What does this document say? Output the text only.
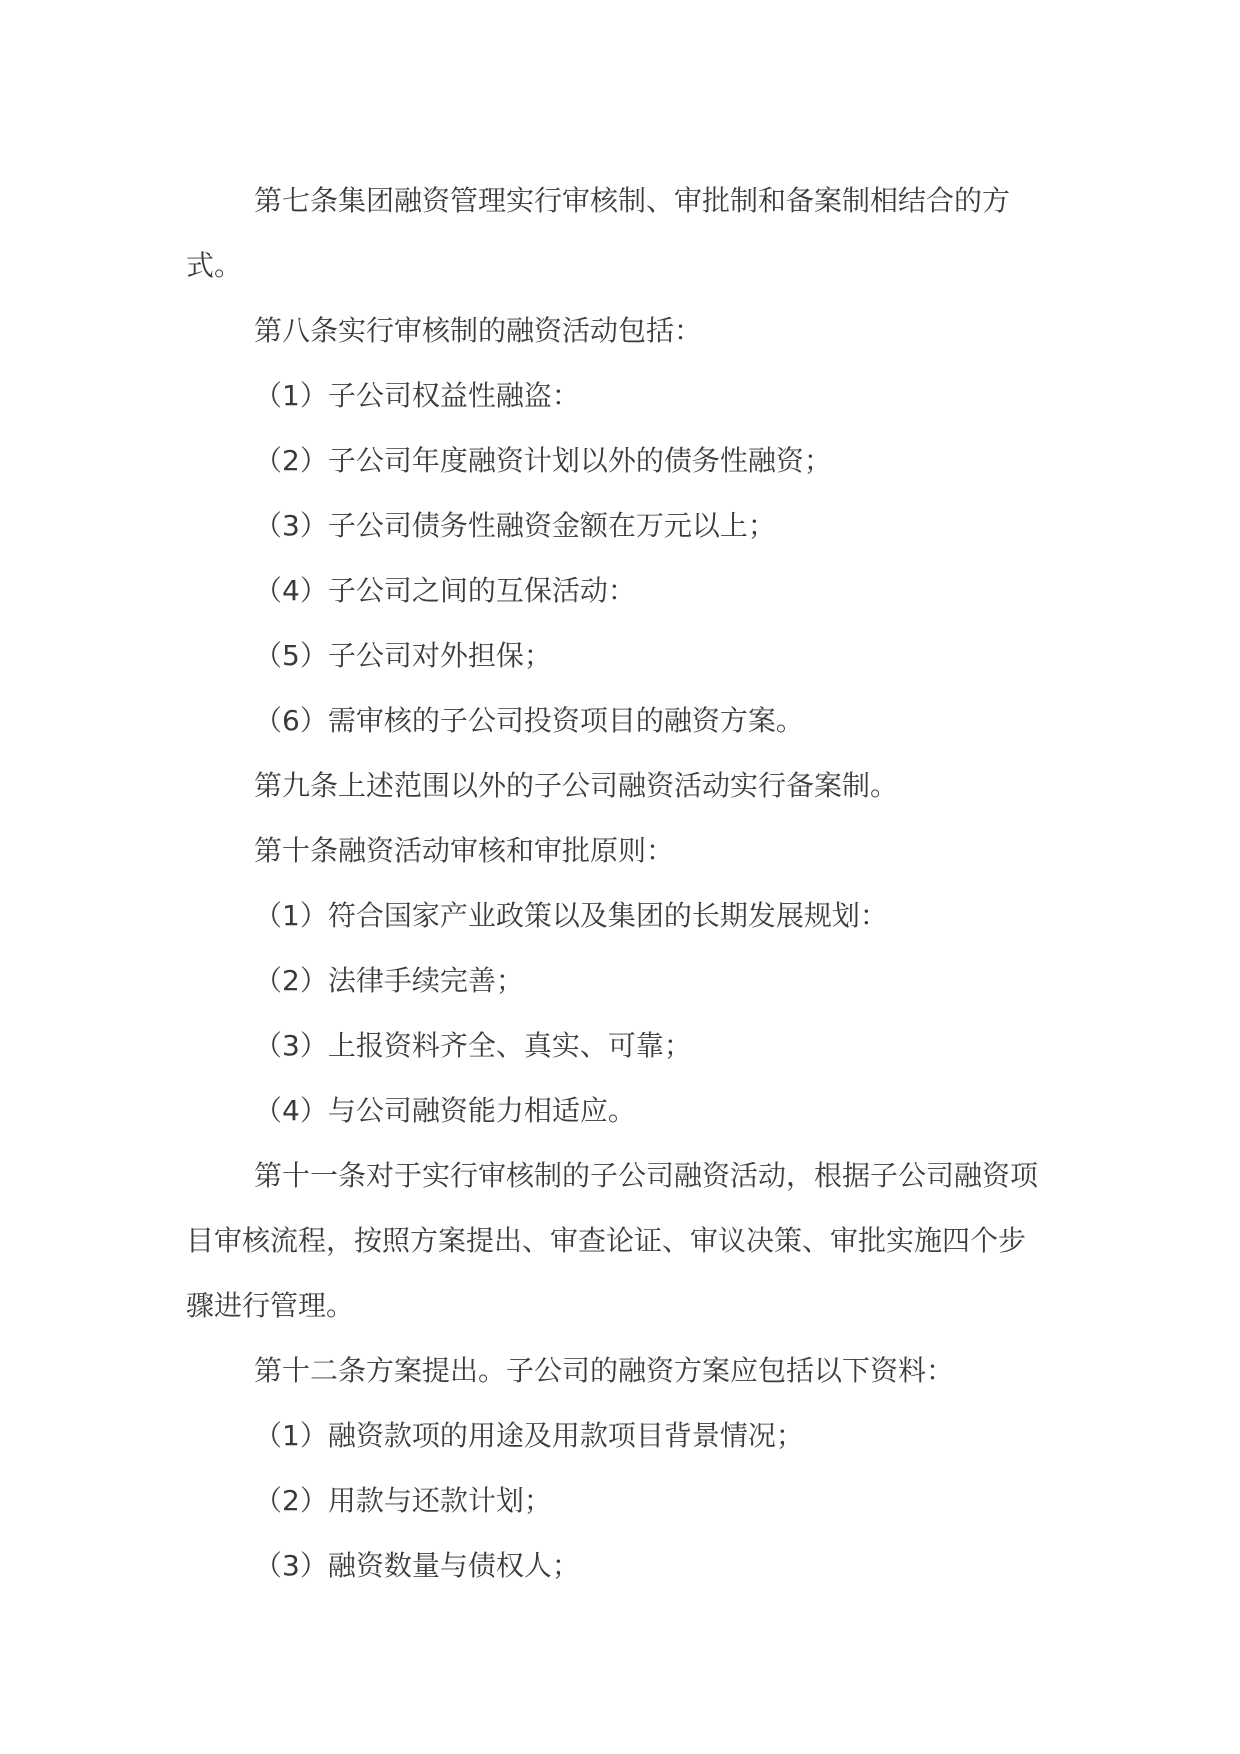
第七条集团融资管理实行审核制、审批制和备案制相结合的方式。

第八条实行审核制的融资活动包括：

（1）子公司权益性融盗：

（2）子公司年度融资计划以外的债务性融资；

（3）子公司债务性融资金额在万元以上；

（4）子公司之间的互保活动：

（5）子公司对外担保；

（6）需审核的子公司投资项目的融资方案。

第九条上述范围以外的子公司融资活动实行备案制。

第十条融资活动审核和审批原则：

（1）符合国家产业政策以及集团的长期发展规划：

（2）法律手续完善；

（3）上报资料齐全、真实、可靠；

（4）与公司融资能力相适应。

第十一条对于实行审核制的子公司融资活动，根据子公司融资项目审核流程，按照方案提出、审查论证、审议决策、审批实施四个步骤进行管理。

第十二条方案提出。子公司的融资方案应包括以下资料：

（1）融资款项的用途及用款项目背景情况；

（2）用款与还款计划；

（3）融资数量与债权人；
